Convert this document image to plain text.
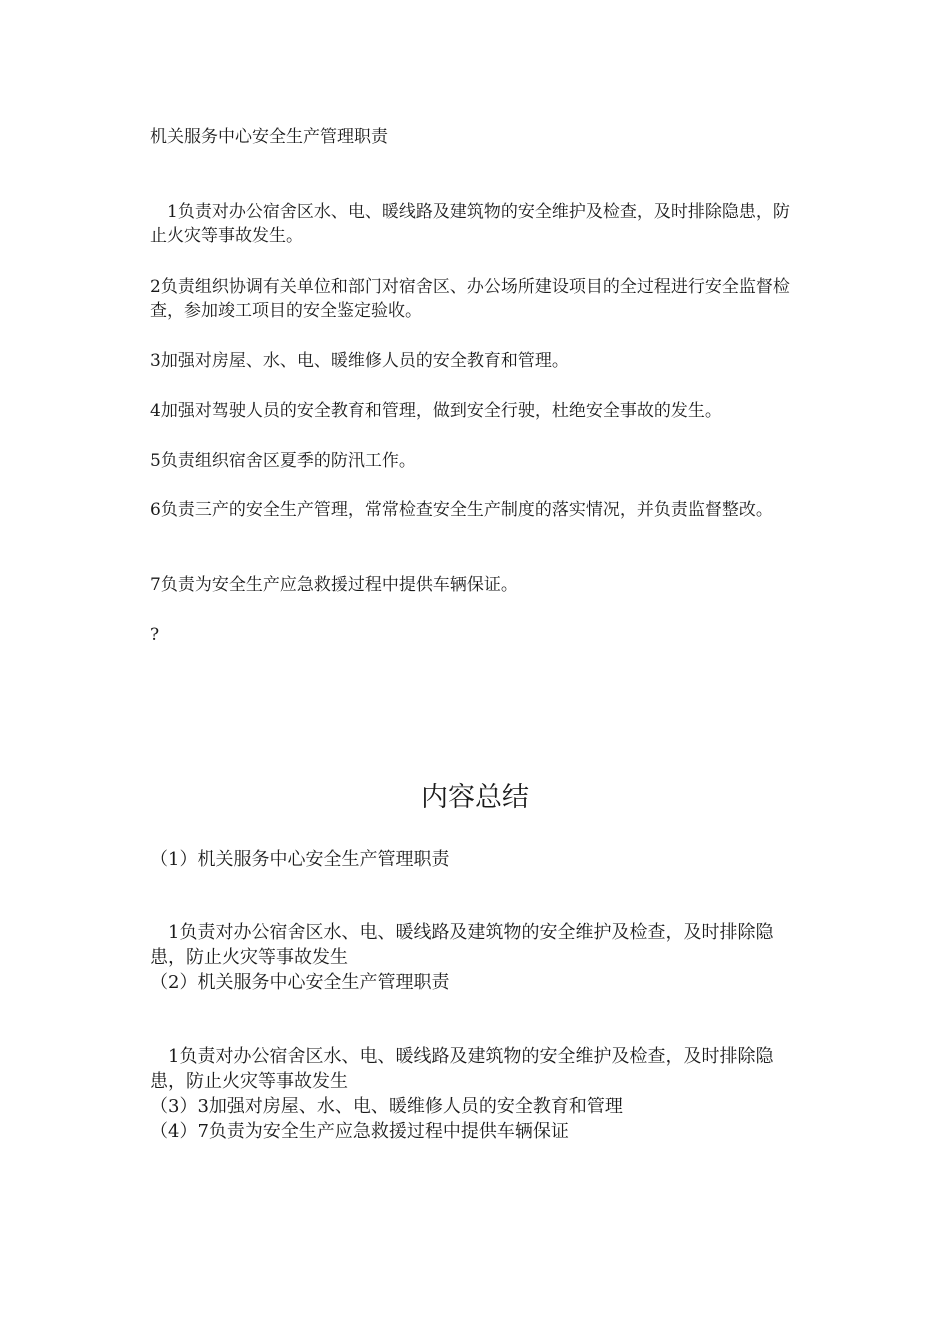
机关服务中心安全生产管理职责

　1负责对办公宿舍区水、电、暖线路及建筑物的安全维护及检查，及时排除隐患，防止火灾等事故发生。

2负责组织协调有关单位和部门对宿舍区、办公场所建设项目的全过程进行安全监督检查，参加竣工项目的安全鉴定验收。

3加强对房屋、水、电、暖维修人员的安全教育和管理。

4加强对驾驶人员的安全教育和管理，做到安全行驶，杜绝安全事故的发生。

5负责组织宿舍区夏季的防汛工作。

6负责三产的安全生产管理，常常检查安全生产制度的落实情况，并负责监督整改。

7负责为安全生产应急救援过程中提供车辆保证。

?

内容总结

（1）机关服务中心安全生产管理职责

　1负责对办公宿舍区水、电、暖线路及建筑物的安全维护及检查，及时排除隐患，防止火灾等事故发生

（2）机关服务中心安全生产管理职责

　1负责对办公宿舍区水、电、暖线路及建筑物的安全维护及检查，及时排除隐患，防止火灾等事故发生

（3）3加强对房屋、水、电、暖维修人员的安全教育和管理

（4）7负责为安全生产应急救援过程中提供车辆保证
